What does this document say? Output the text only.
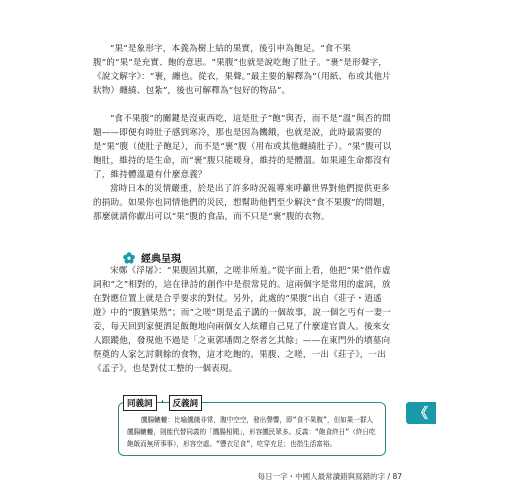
“果”是象形字，本義為樹上結的果實，後引申為飽足。“食不果腹”的“果”是充實、飽的意思。“果腹”也就是說吃飽了肚子。“裹”是形聲字，《說文解字》：“裹，纏也。從衣，果聲。”最主要的解釋為“（用紙、布或其他片狀物）纏繞、包紮”，後也可解釋為“包好的物品”。

“食不果腹”的關鍵是沒東西吃，這是肚子“飽”與否，而不是“溫”與否的問題——即便有時肚子感到寒冷，那也是因為饑餓，也就是說，此時最需要的是“果”腹（使肚子飽足），而不是“裹”腹（用布或其他纏繞肚子）。“果”腹可以飽肚，維持的是生命，而“裹”腹只能暖身，維持的是體溫。如果連生命都沒有了，維持體溫還有什麼意義？

當時日本的災情嚴重，於是出了許多時況報導來呼籲世界對他們提供更多的捐助。如果你也同情他們的災民，想幫助他們至少解決“食不果腹”的問題，那麼就請你獻出可以“果”腹的食品，而不只是“裹”腹的衣物。

經典呈現

宋鄭《浮屠》：“果腹固其願，之嗟非所羞。”從字面上看，他把“果”借作虛詞和“之”相對的，這在律詩的創作中是很常見的。這兩個字是常用的虛詞，放在對應位置上就是合乎要求的對仗。另外，此處的“果腹”出自《莊子・逍遙遊》中的“腹猶果然”；而“之嗟”則是孟子講的一個故事，說一個乞丐有一妻一妾，每天回到家便洒足飯飽地向兩個女人炫耀自己見了什麼達官貴人。後來女人跟蹤他，發現他不過是「之東郭墦間之祭者乞其餘」——在東門外的墳墓向祭奠的人家乞討剩餘的食物，這才吃飽的。果腹、之嗟，一出《莊子》，一出《孟子》，也是對仗工整的一個表現。

同義詞 ・ 反義詞

饑腸轆轆：比喻饑餓非常，腹中空空，發出聲響，即“食不果腹”，但如果一群人饑腸轆轆，則能代替同義的「饑腸相聞」，形容饑民眾多。反義：“飽食終日”（終日吃飽飯而無所事事），形容空虛。“豐衣足食”，吃穿充足；也指生活富裕。

《
每日一字・中國人最常讀錯與寫錯的字 / 87
